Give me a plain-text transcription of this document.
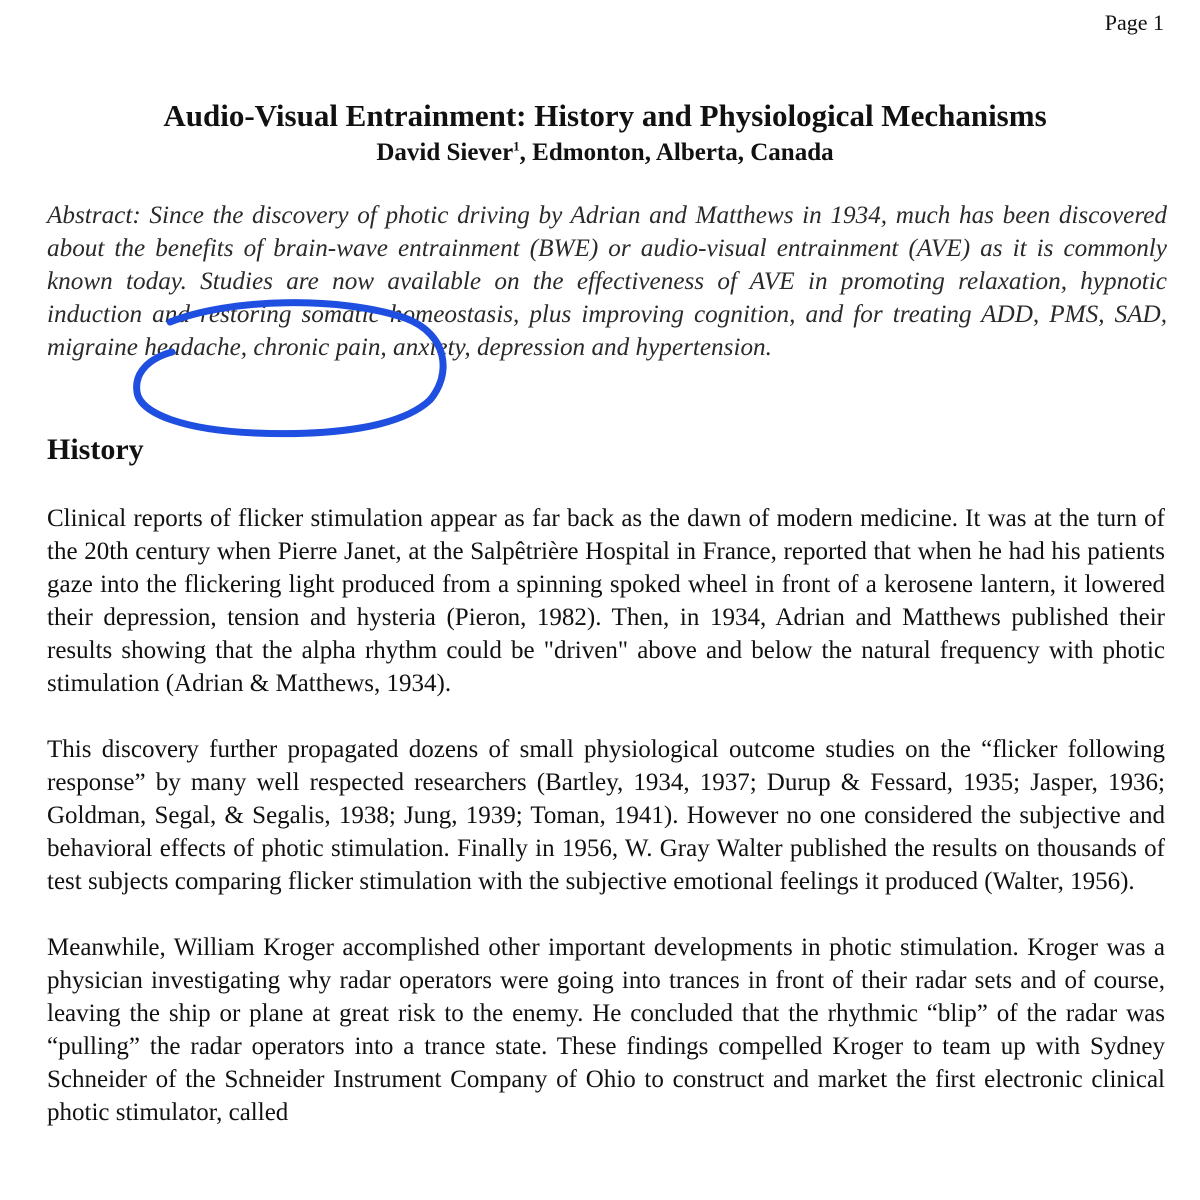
Page 1

Audio-Visual Entrainment: History and Physiological Mechanisms

David Siever$^1$, Edmonton, Alberta, Canada

Abstract: Since the discovery of photic driving by Adrian and Matthews in 1934, much has been discovered about the benefits of brain-wave entrainment (BWE) or audio-visual entrainment (AVE) as it is commonly known today. Studies are now available on the effectiveness of AVE in promoting relaxation, hypnotic induction and restoring somatic homeostasis, plus improving cognition, and for treating ADD, PMS, SAD, migraine headache, chronic pain, anxiety, depression and hypertension.

History

Clinical reports of flicker stimulation appear as far back as the dawn of modern medicine. It was at the turn of the 20th century when Pierre Janet, at the Salpêtrière Hospital in France, reported that when he had his patients gaze into the flickering light produced from a spinning spoked wheel in front of a kerosene lantern, it lowered their depression, tension and hysteria (Pieron, 1982). Then, in 1934, Adrian and Matthews published their results showing that the alpha rhythm could be "driven" above and below the natural frequency with photic stimulation (Adrian & Matthews, 1934).

This discovery further propagated dozens of small physiological outcome studies on the “flicker following response” by many well respected researchers (Bartley, 1934, 1937; Durup & Fessard, 1935; Jasper, 1936; Goldman, Segal, & Segalis, 1938; Jung, 1939; Toman, 1941). However no one considered the subjective and behavioral effects of photic stimulation. Finally in 1956, W. Gray Walter published the results on thousands of test subjects comparing flicker stimulation with the subjective emotional feelings it produced (Walter, 1956).

Meanwhile, William Kroger accomplished other important developments in photic stimulation. Kroger was a physician investigating why radar operators were going into trances in front of their radar sets and of course, leaving the ship or plane at great risk to the enemy. He concluded that the rhythmic “blip” of the radar was “pulling” the radar operators into a trance state. These findings compelled Kroger to team up with Sydney Schneider of the Schneider Instrument Company of Ohio to construct and market the first electronic clinical photic stimulator, called
